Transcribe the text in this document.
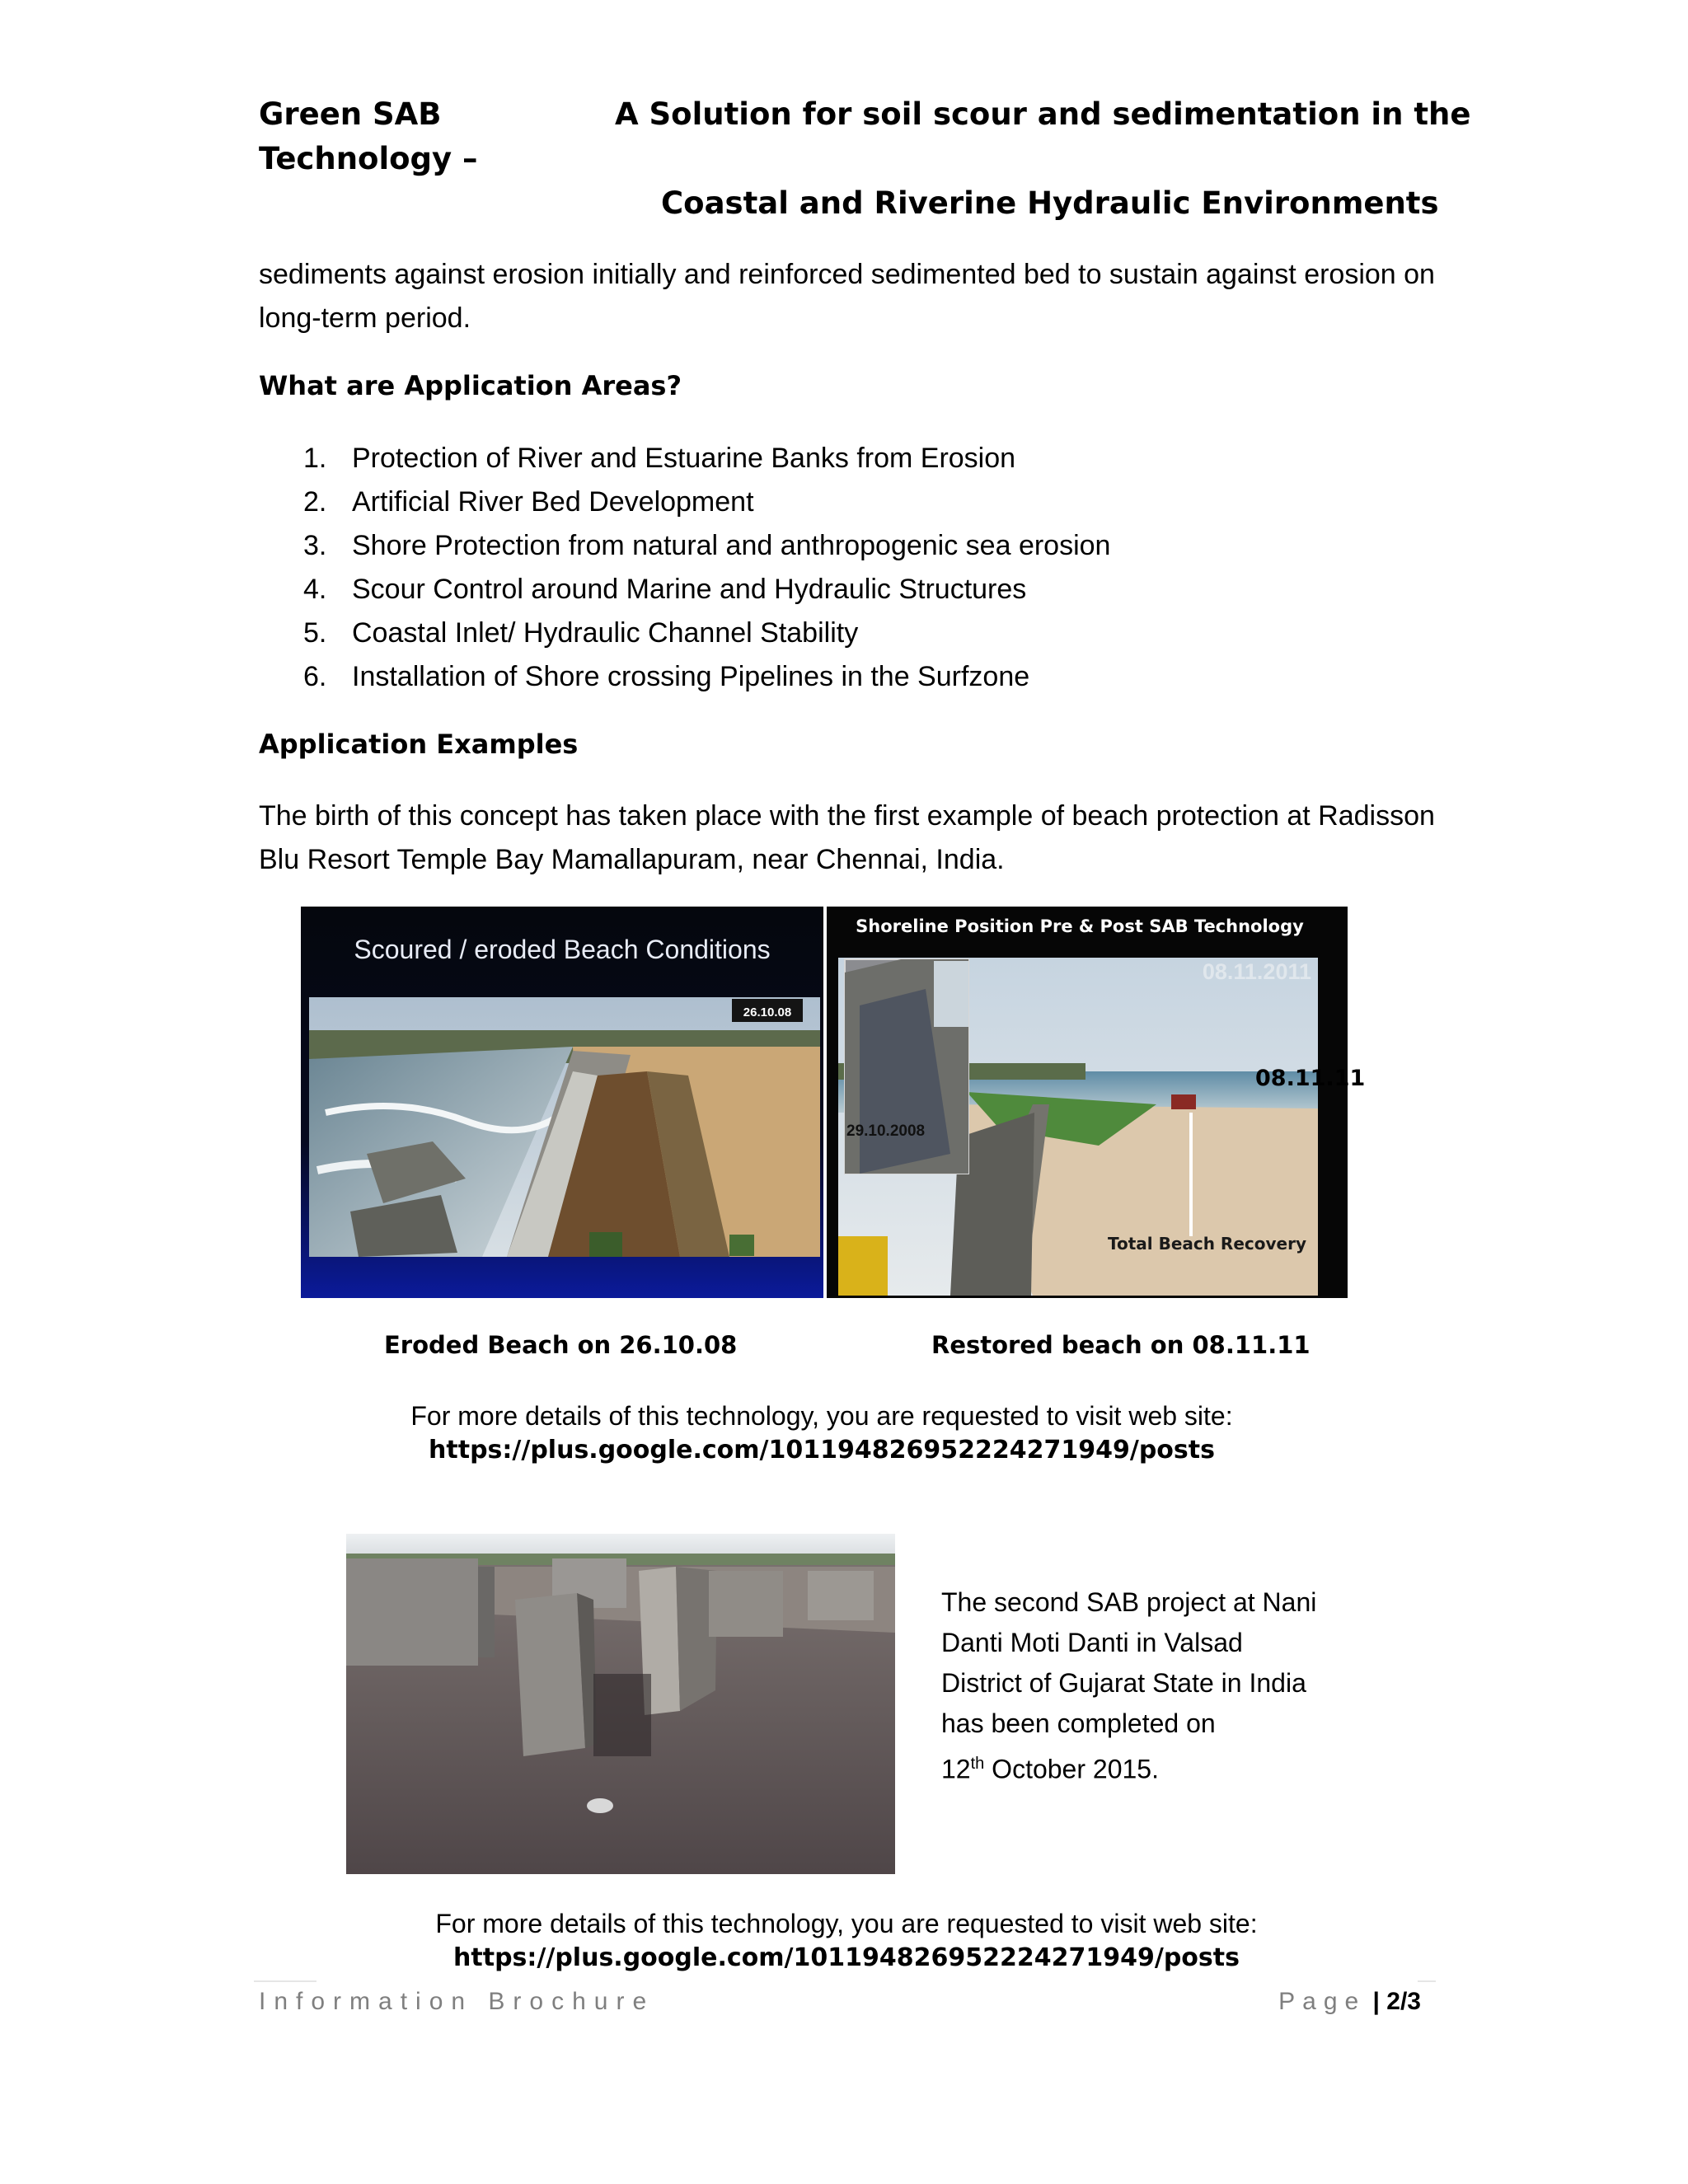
Green SAB Technology –
A Solution for soil scour and sedimentation in the
Coastal and Riverine Hydraulic Environments
sediments against erosion initially and reinforced sedimented bed to sustain against erosion on long-term period.
What are Application Areas?
1. Protection of River and Estuarine Banks from Erosion
2. Artificial River Bed Development
3. Shore Protection from natural and anthropogenic sea erosion
4. Scour Control around Marine and Hydraulic Structures
5. Coastal Inlet/ Hydraulic Channel Stability
6. Installation of Shore crossing Pipelines in the Surfzone
Application Examples
The birth of this concept has taken place with the first example of beach protection at Radisson Blu Resort Temple Bay Mamallapuram, near Chennai, India.
Scoured / eroded Beach Conditions
26.10.08
29.10.2008
Shoreline Position Pre & Post SAB Technology
08.11.2011
Total Beach Recovery
08.11.11
Eroded Beach on 26.10.08	Restored beach on 08.11.11
For more details of this technology, you are requested to visit web site:
https://plus.google.com/101194826952224271949/posts
The second SAB project at Nani
Danti Moti Danti in Valsad
District of Gujarat State in India
has been completed on
12th October 2015.
For more details of this technology, you are requested to visit web site:
https://plus.google.com/101194826952224271949/posts
Information Brochure	Page | 2/3
